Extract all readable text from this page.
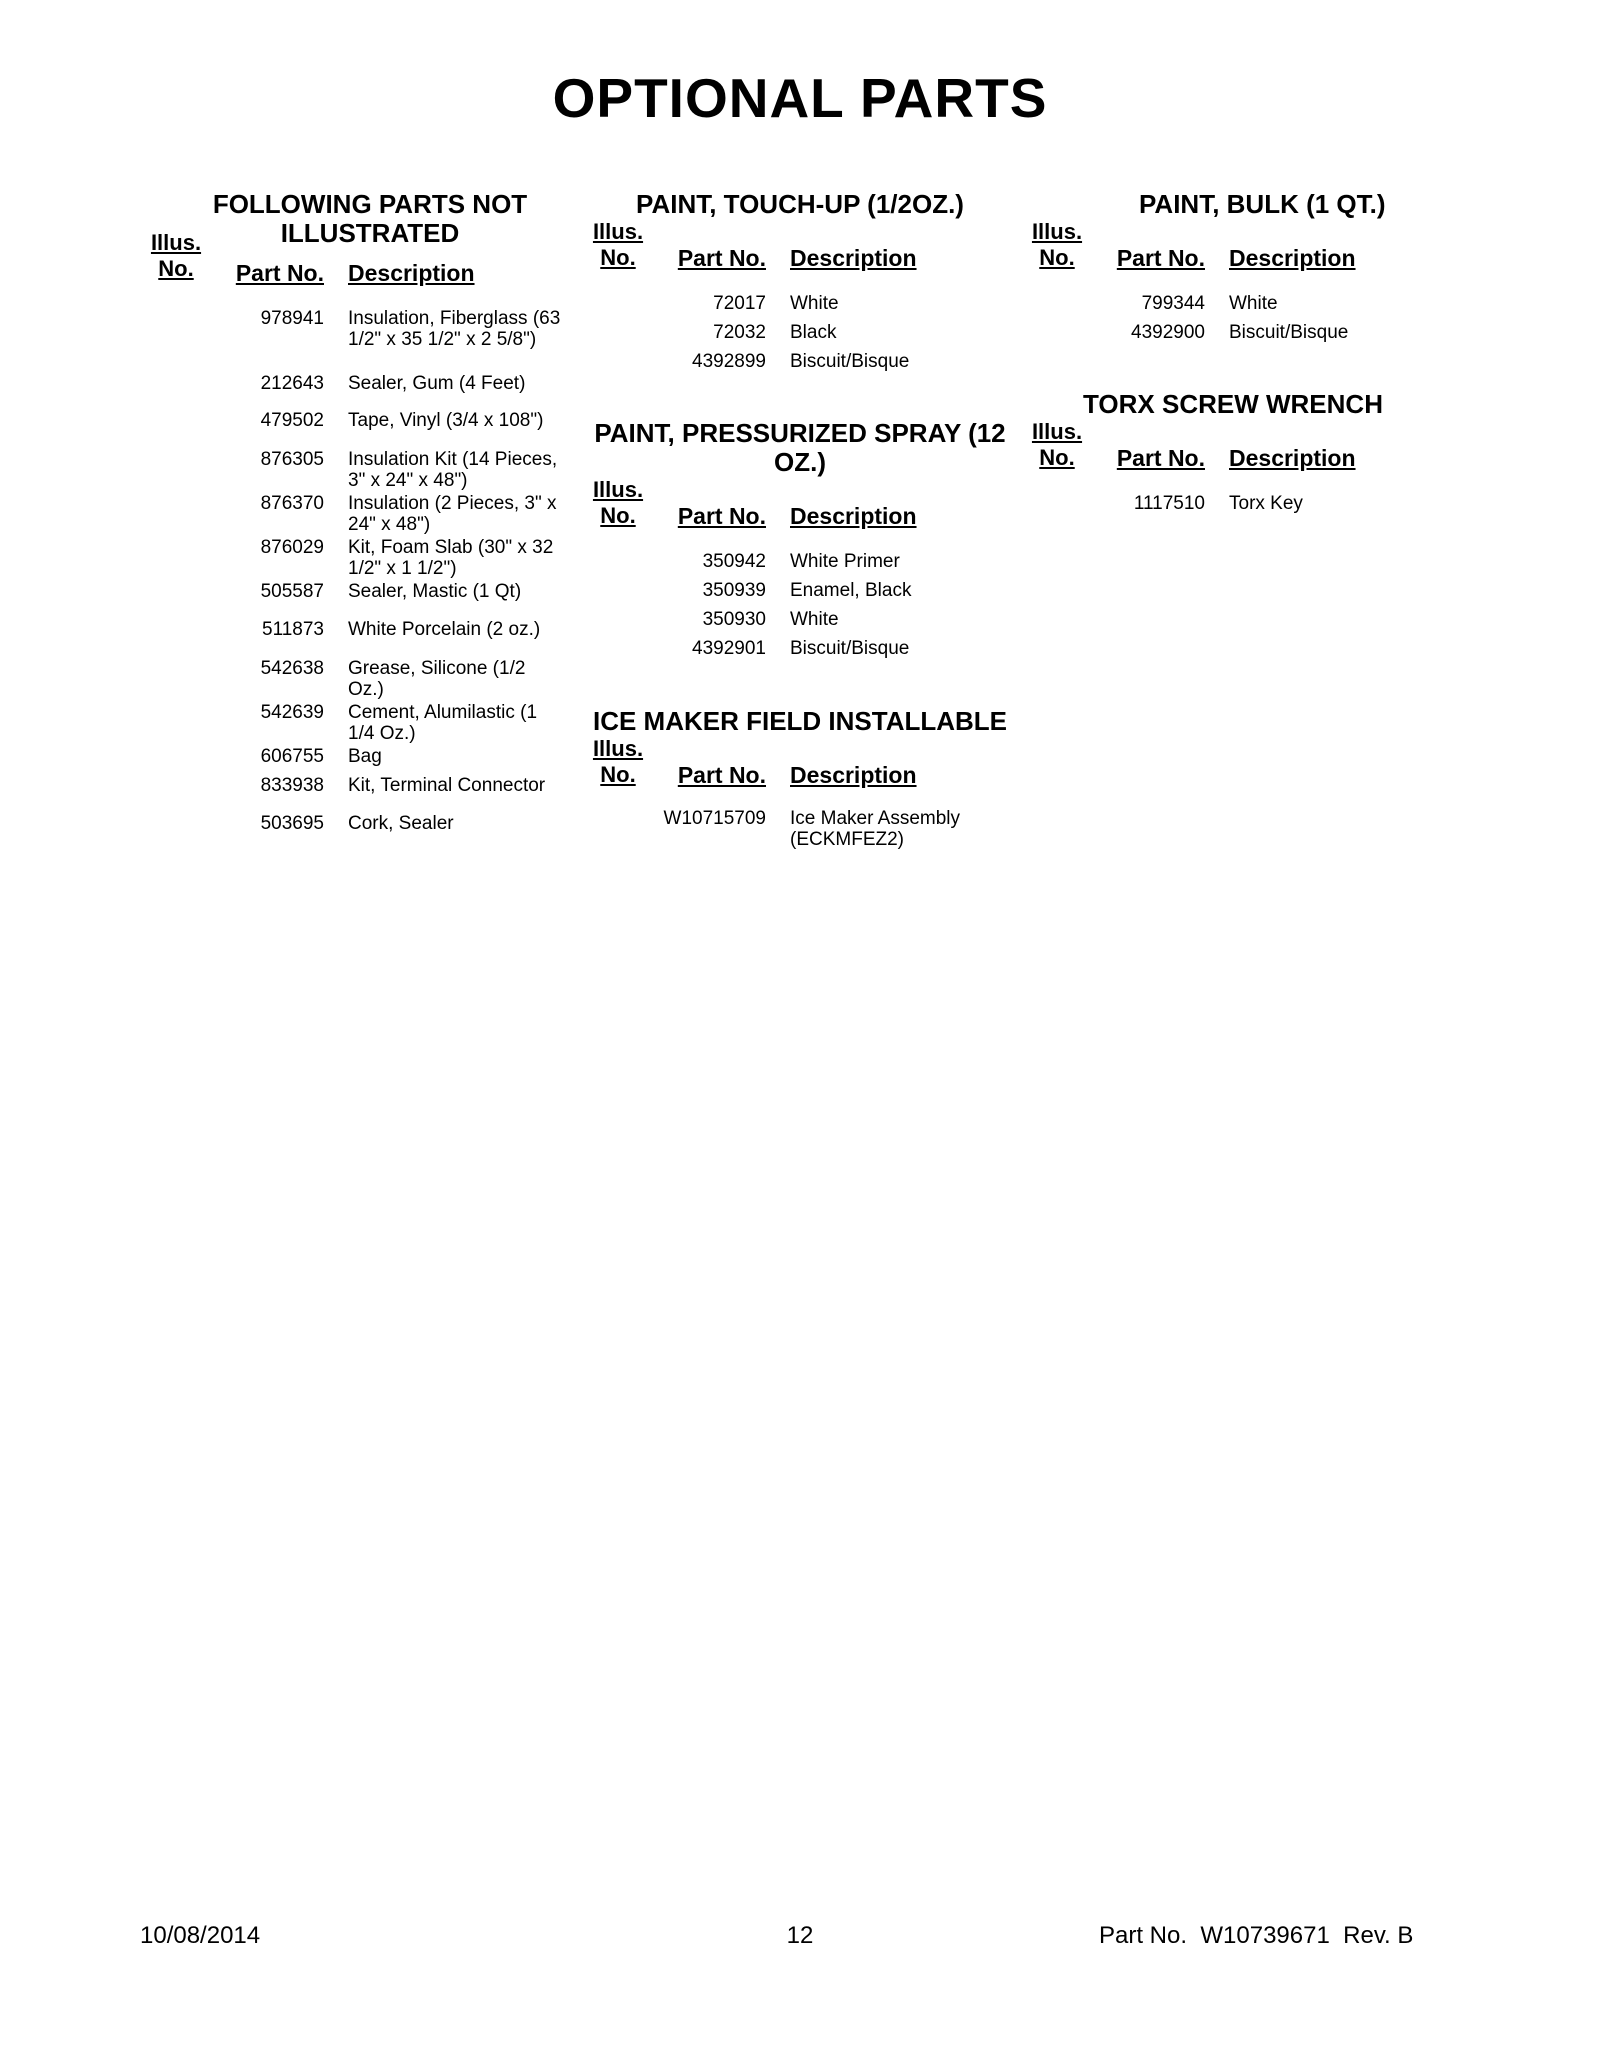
OPTIONAL PARTS
FOLLOWING PARTS NOT ILLUSTRATED
Illus.
No.	Part No. Description
978941 Insulation, Fiberglass (63 1/2" x 35 1/2" x 2 5/8")
212643 Sealer, Gum (4 Feet)
479502 Tape, Vinyl (3/4 x 108")
876305 Insulation Kit (14 Pieces, 3" x 24" x 48")
876370 Insulation (2 Pieces, 3" x 24" x 48")
876029 Kit, Foam Slab (30" x 32 1/2" x 1 1/2")
505587 Sealer, Mastic (1 Qt)
511873 White Porcelain (2 oz.)
542638 Grease, Silicone (1/2 Oz.)
542639 Cement, Alumilastic (1 1/4 Oz.)
606755 Bag
833938 Kit, Terminal Connector
503695 Cork, Sealer
PAINT, TOUCH-UP (1/2OZ.)
Illus.
No.	Part No. Description
72017 White
72032 Black
4392899 Biscuit/Bisque
PAINT, PRESSURIZED SPRAY (12 OZ.)
Illus.
No.	Part No. Description
350942 White Primer
350939 Enamel, Black
350930 White
4392901 Biscuit/Bisque
ICE MAKER FIELD INSTALLABLE
Illus.
No.	Part No. Description
W10715709 Ice Maker Assembly (ECKMFEZ2)
PAINT, BULK (1 QT.)
Illus.
No.	Part No. Description
799344 White
4392900 Biscuit/Bisque
TORX SCREW WRENCH
Illus.
No.	Part No. Description
1117510 Torx Key
10/08/2014	12	Part No. W10739671 Rev. B
